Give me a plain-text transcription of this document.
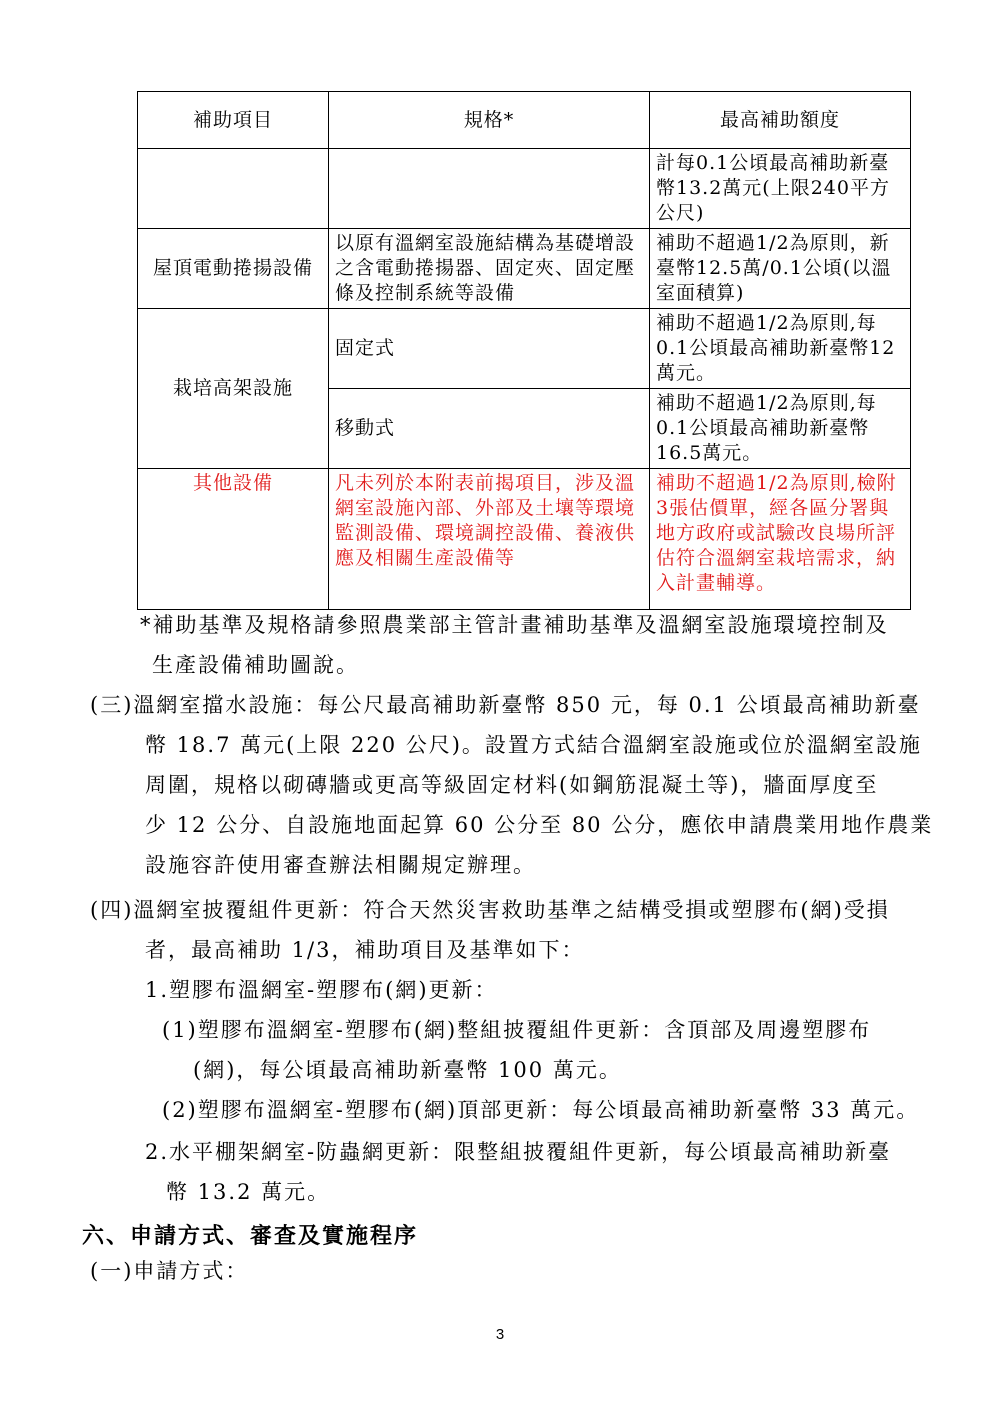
補助項目	規格*	最高補助額度
		計每0.1公頃最高補助新臺幣13.2萬元(上限240平方公尺)
屋頂電動捲揚設備	以原有溫網室設施結構為基礎增設之含電動捲揚器、固定夾、固定壓條及控制系統等設備	補助不超過1/2為原則，新臺幣12.5萬/0.1公頃(以溫室面積算)
栽培高架設施	固定式	補助不超過1/2為原則,每0.1公頃最高補助新臺幣12萬元。
	移動式	補助不超過1/2為原則,每0.1公頃最高補助新臺幣16.5萬元。
其他設備	凡未列於本附表前揭項目，涉及溫網室設施內部、外部及土壤等環境監測設備、環境調控設備、養液供應及相關生產設備等	補助不超過1/2為原則,檢附3張估價單，經各區分署與地方政府或試驗改良場所評估符合溫網室栽培需求，納入計畫輔導。

*補助基準及規格請參照農業部主管計畫補助基準及溫網室設施環境控制及

生產設備補助圖說。

(三)溫網室擋水設施：每公尺最高補助新臺幣 850 元，每 0.1 公頃最高補助新臺

幣 18.7 萬元(上限 220 公尺)。設置方式結合溫網室設施或位於溫網室設施

周圍，規格以砌磚牆或更高等級固定材料(如鋼筋混凝土等)，牆面厚度至

少 12 公分、自設施地面起算 60 公分至 80 公分，應依申請農業用地作農業

設施容許使用審查辦法相關規定辦理。

(四)溫網室披覆組件更新：符合天然災害救助基準之結構受損或塑膠布(網)受損

者，最高補助 1/3，補助項目及基準如下：

1.塑膠布溫網室-塑膠布(網)更新：

(1)塑膠布溫網室-塑膠布(網)整組披覆組件更新：含頂部及周邊塑膠布

(網)，每公頃最高補助新臺幣 100 萬元。

(2)塑膠布溫網室-塑膠布(網)頂部更新：每公頃最高補助新臺幣 33 萬元。

2.水平棚架網室-防蟲網更新：限整組披覆組件更新，每公頃最高補助新臺

幣 13.2 萬元。

六、申請方式、審查及實施程序

(一)申請方式：

3
